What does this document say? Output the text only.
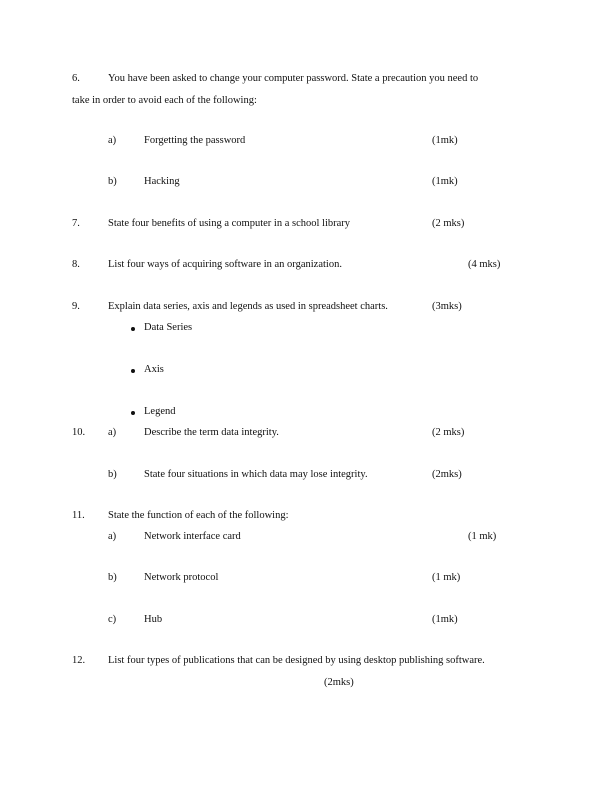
6.	You have been asked to change your computer password. State a precaution you need to
take in order to avoid each of the following:
a)	Forgetting the password	(1mk)
b)	Hacking	(1mk)
7.	State four benefits of using a computer in a school library	(2 mks)
8.	List four ways of acquiring software in an organization.	(4 mks)
9.	Explain data series, axis and legends as used in spreadsheet charts.	(3mks)
Data Series
Axis
Legend
10. a)	Describe the term data integrity.	(2 mks)
b)	State four situations in which data may lose integrity.	(2mks)
11. State the function of each of the following:
a)	Network interface card	(1 mk)
b)	Network protocol	(1 mk)
c)	Hub	(1mk)
12. List four types of publications that can be designed by using desktop publishing software.
(2mks)
